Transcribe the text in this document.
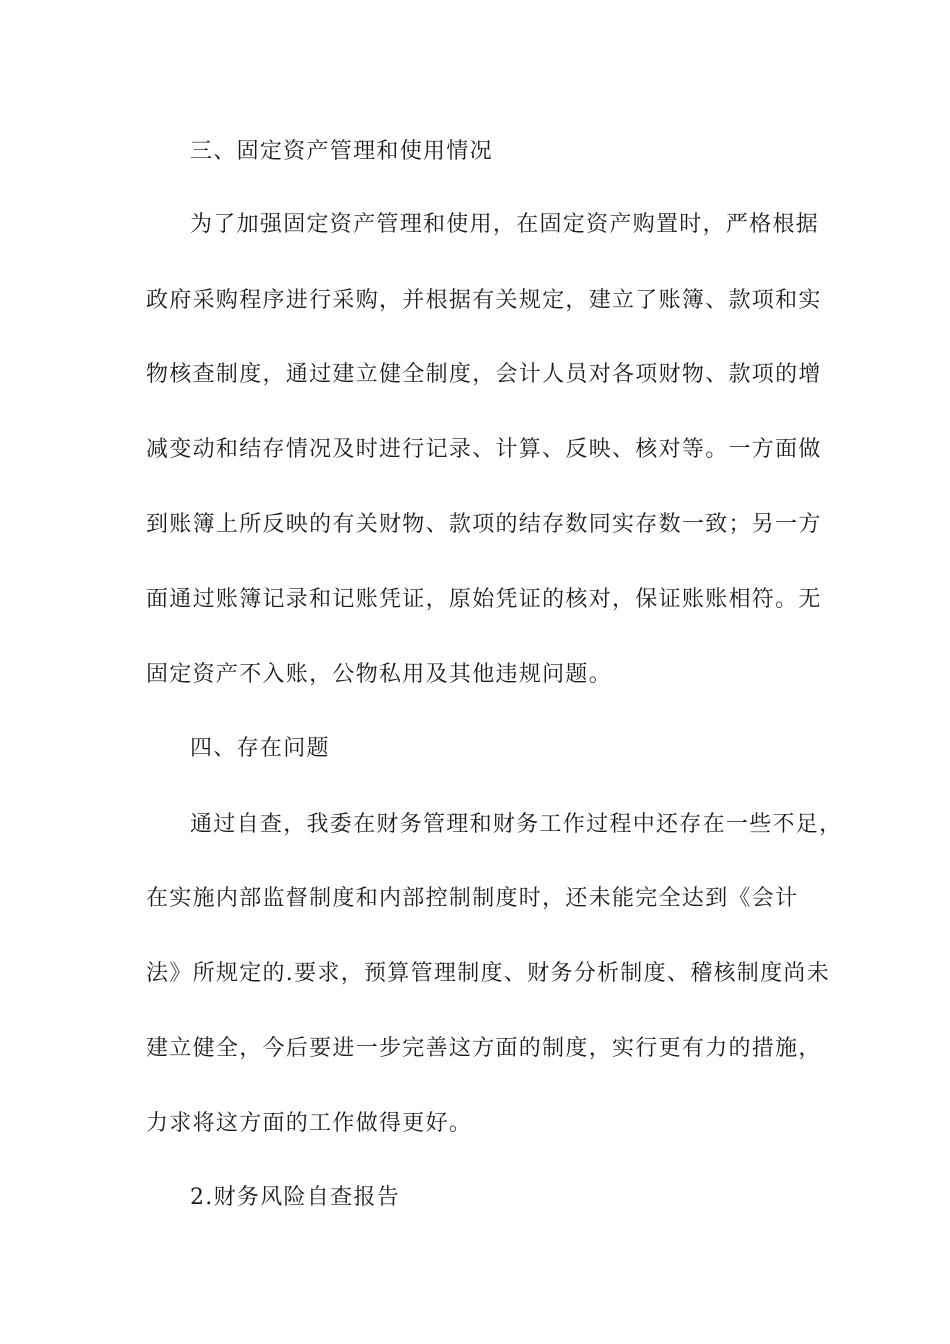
三、固定资产管理和使用情况
为了加强固定资产管理和使用，在固定资产购置时，严格根据
政府采购程序进行采购，并根据有关规定，建立了账簿、款项和实
物核查制度，通过建立健全制度，会计人员对各项财物、款项的增
减变动和结存情况及时进行记录、计算、反映、核对等。一方面做
到账簿上所反映的有关财物、款项的结存数同实存数一致；另一方
面通过账簿记录和记账凭证，原始凭证的核对，保证账账相符。无
固定资产不入账，公物私用及其他违规问题。
四、存在问题
通过自查，我委在财务管理和财务工作过程中还存在一些不足，
在实施内部监督制度和内部控制制度时，还未能完全达到《会计
法》所规定的.要求，预算管理制度、财务分析制度、稽核制度尚未
建立健全，今后要进一步完善这方面的制度，实行更有力的措施，
力求将这方面的工作做得更好。
2.财务风险自查报告
